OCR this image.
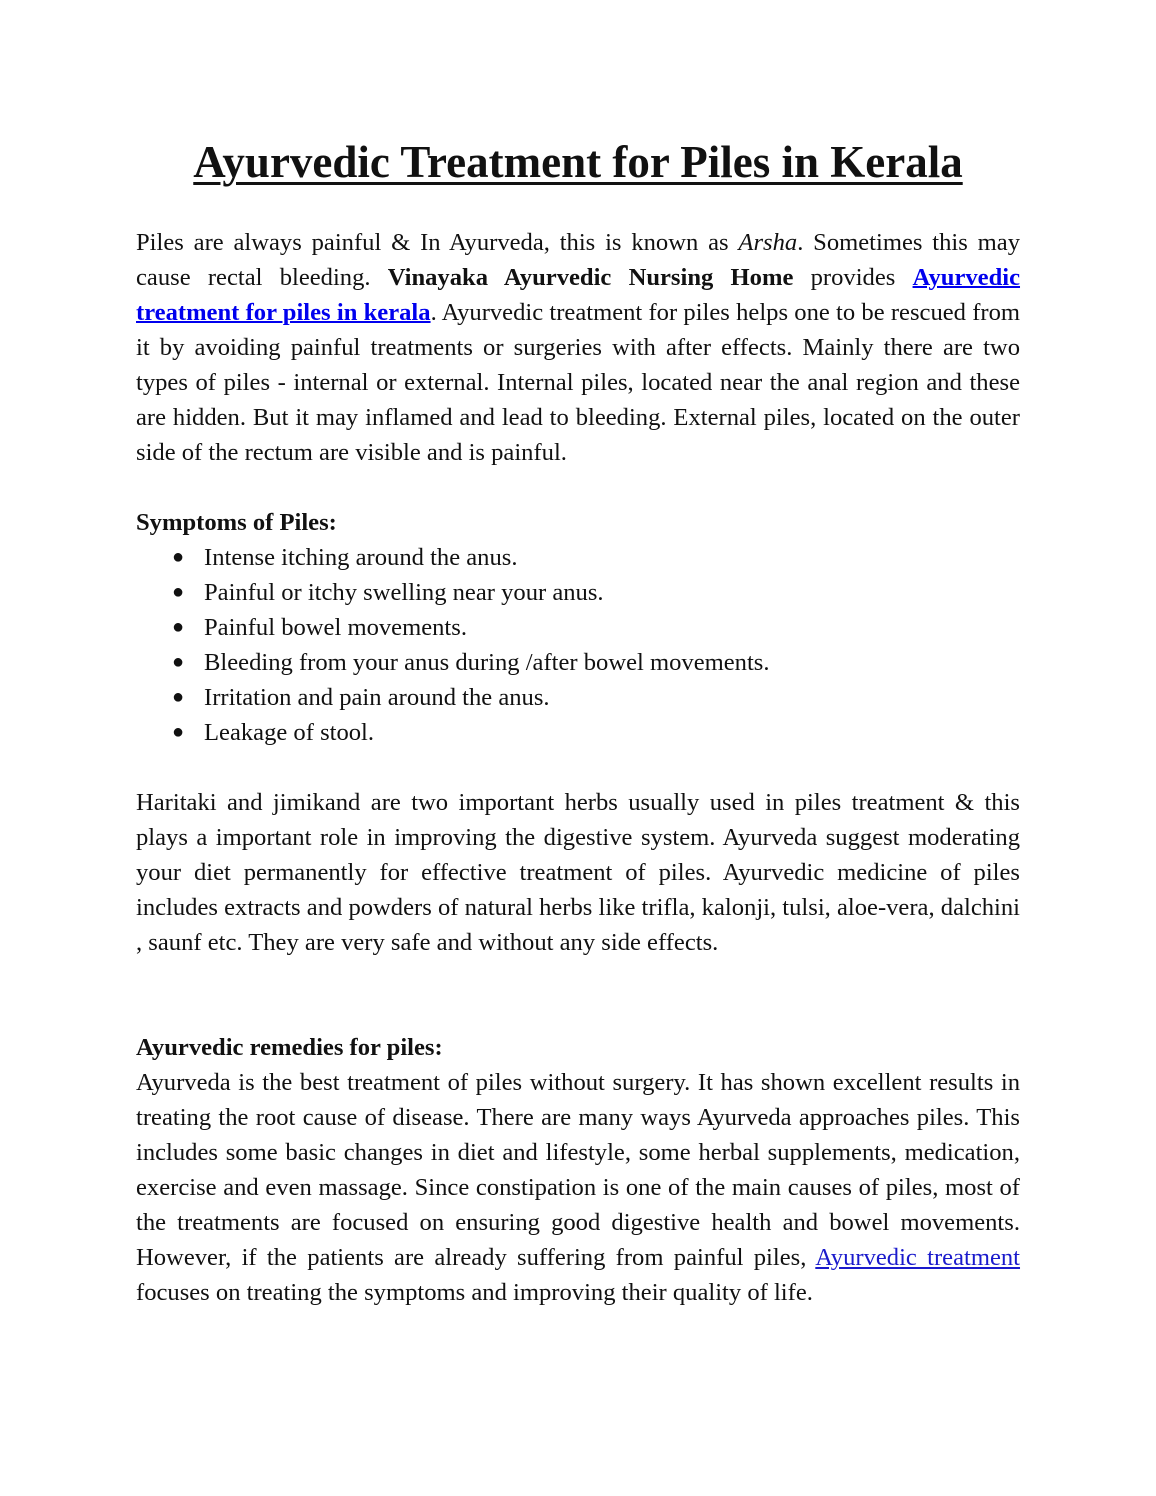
Ayurvedic Treatment for Piles in Kerala

Piles are always painful & In Ayurveda, this is known as Arsha. Sometimes this may cause rectal bleeding. Vinayaka Ayurvedic Nursing Home provides Ayurvedic treatment for piles in kerala. Ayurvedic treatment for piles helps one to be rescued from it by avoiding painful treatments or surgeries with after effects. Mainly there are two types of piles - internal or external. Internal piles, located near the anal region and these are hidden. But it may inflamed and lead to bleeding. External piles, located on the outer side of the rectum are visible and is painful.

Symptoms of Piles:

● Intense itching around the anus.
● Painful or itchy swelling near your anus.
● Painful bowel movements.
● Bleeding from your anus during /after bowel movements.
● Irritation and pain around the anus.
● Leakage of stool.

Haritaki and jimikand are two important herbs usually used in piles treatment & this plays a important role in improving the digestive system. Ayurveda suggest moderating your diet permanently for effective treatment of piles. Ayurvedic medicine of piles includes extracts and powders of natural herbs like trifla, kalonji, tulsi, aloe-vera, dalchini , saunf etc. They are very safe and without any side effects.

Ayurvedic remedies for piles:

Ayurveda is the best treatment of piles without surgery. It has shown excellent results in treating the root cause of disease. There are many ways Ayurveda approaches piles. This includes some basic changes in diet and lifestyle, some herbal supplements, medication, exercise and even massage. Since constipation is one of the main causes of piles, most of the treatments are focused on ensuring good digestive health and bowel movements. However, if the patients are already suffering from painful piles, Ayurvedic treatment focuses on treating the symptoms and improving their quality of life.
